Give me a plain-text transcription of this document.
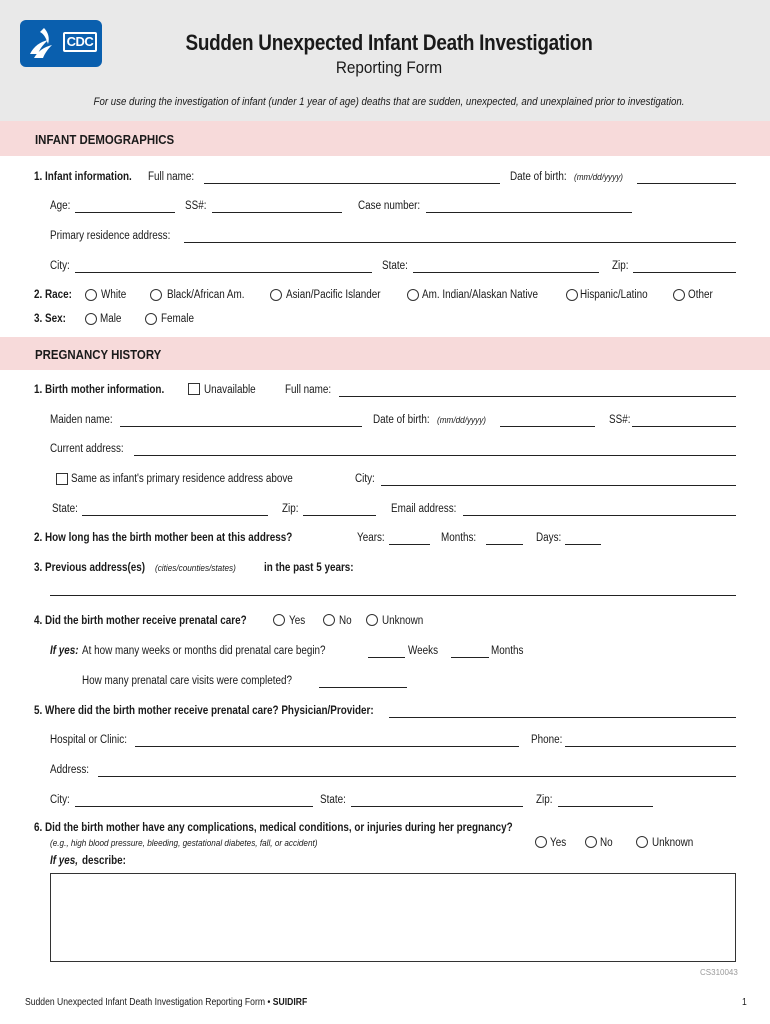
CDC	Sudden Unexpected Infant Death Investigation
Reporting Form
For use during the investigation of infant (under 1 year of age) deaths that are sudden, unexpected, and unexplained prior to investigation.
INFANT DEMOGRAPHICS
1. Infant information. Full name:	Date of birth: (mm/dd/yyyy)
Age:	SS#:	Case number:
Primary residence address:
City:	State:	Zip:
2. Race:	White	Black/African Am.	Asian/Pacific Islander	Am. Indian/Alaskan Native	Hispanic/Latino	Other
3. Sex:	Male	Female
PREGNANCY HISTORY
1. Birth mother information.	Unavailable	Full name:
Maiden name:	Date of birth: (mm/dd/yyyy)	SS#:
Current address:
Same as infant's primary residence address above	City:
State:	Zip:	Email address:
2. How long has the birth mother been at this address?	Years:	Months:	Days:
3. Previous address(es) (cities/counties/states) in the past 5 years:
4. Did the birth mother receive prenatal care?	Yes	No	Unknown
If yes: At how many weeks or months did prenatal care begin?	Weeks	Months
How many prenatal care visits were completed?
5. Where did the birth mother receive prenatal care? Physician/Provider:
Hospital or Clinic:	Phone:
Address:
City:	State:	Zip:
6. Did the birth mother have any complications, medical conditions, or injuries during her pregnancy?
(e.g., high blood pressure, bleeding, gestational diabetes, fall, or accident)	Yes	No	Unknown
If yes, describe:
CS310043
Sudden Unexpected Infant Death Investigation Reporting Form • SUIDIRF	1
